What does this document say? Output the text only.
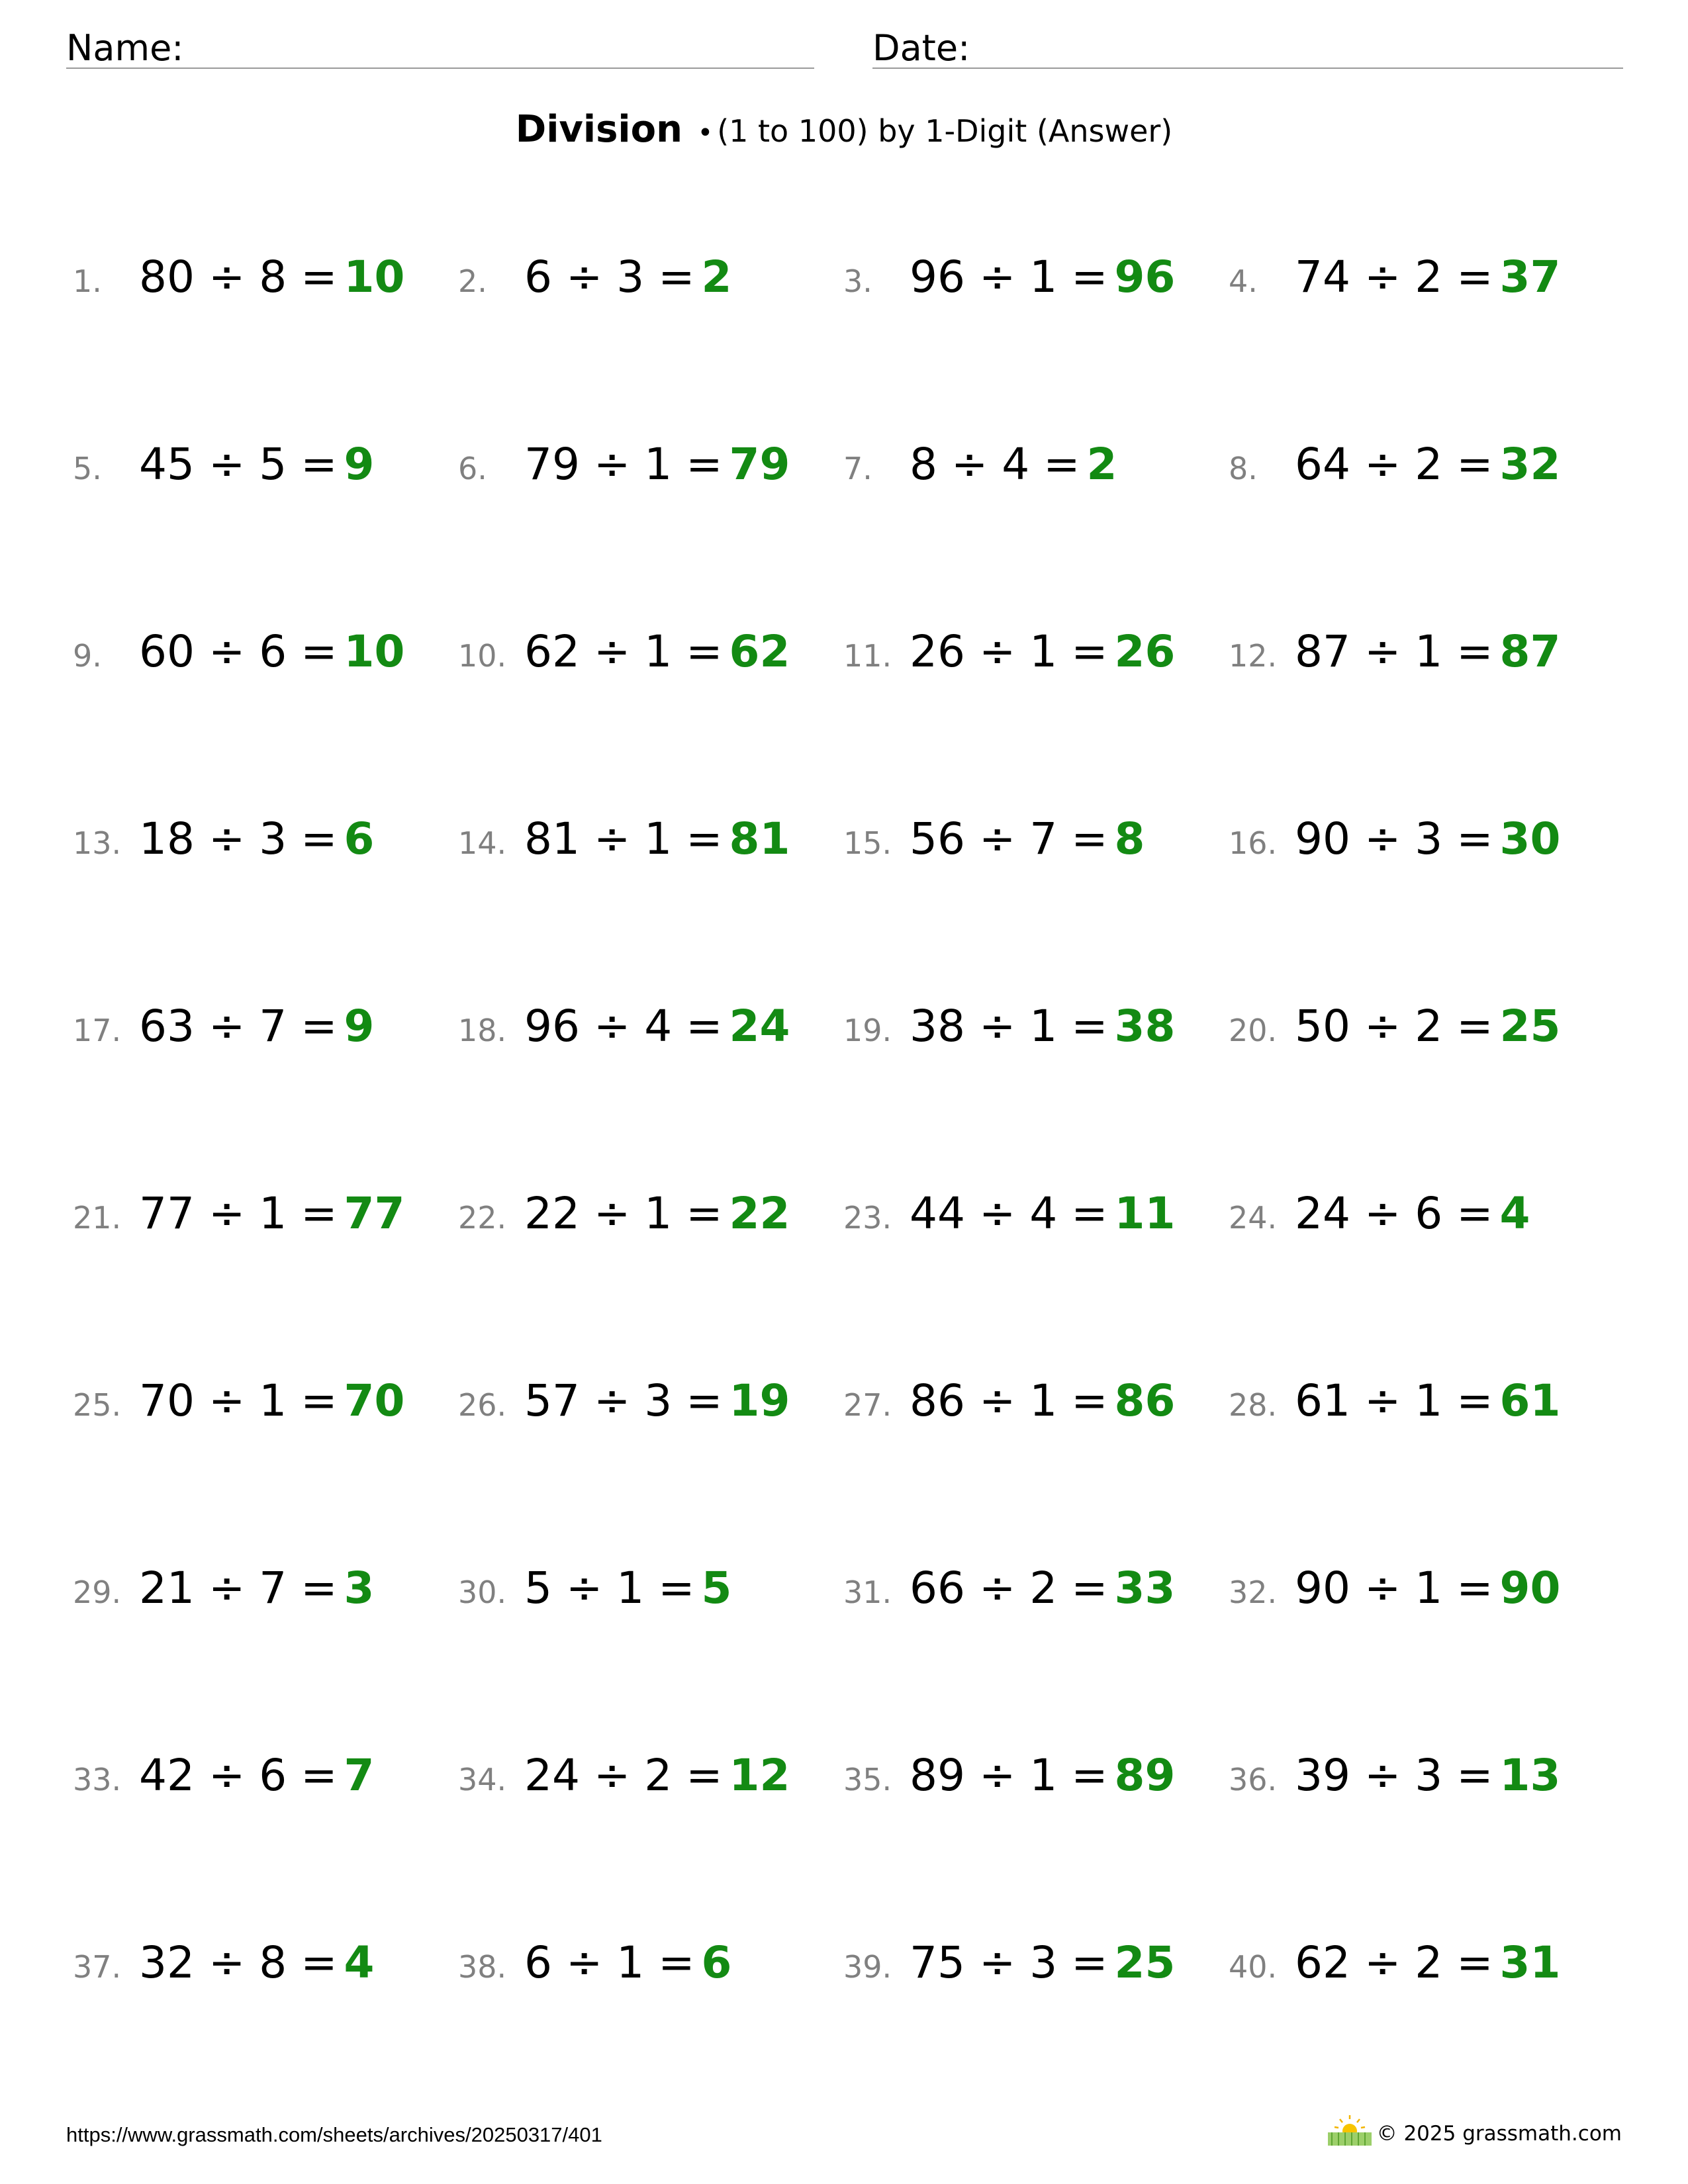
Name:	Date:
Division • (1 to 100) by 1-Digit (Answer)
1. 80 ÷ 8 = 10 2. 6 ÷ 3 = 2	3. 96 ÷ 1 = 96 4. 74 ÷ 2 = 37
5. 45 ÷ 5 = 9	6. 79 ÷ 1 = 79 7. 8 ÷ 4 = 2	8. 64 ÷ 2 = 32
9. 60 ÷ 6 = 10 10. 62 ÷ 1 = 62 11. 26 ÷ 1 = 26 12. 87 ÷ 1 = 87
13. 18 ÷ 3 = 6	14. 81 ÷ 1 = 81 15. 56 ÷ 7 = 8	16. 90 ÷ 3 = 30
17. 63 ÷ 7 = 9	18. 96 ÷ 4 = 24 19. 38 ÷ 1 = 38 20. 50 ÷ 2 = 25
21. 77 ÷ 1 = 77 22. 22 ÷ 1 = 22 23. 44 ÷ 4 = 11 24. 24 ÷ 6 = 4
25. 70 ÷ 1 = 70 26. 57 ÷ 3 = 19 27. 86 ÷ 1 = 86 28. 61 ÷ 1 = 61
29. 21 ÷ 7 = 3	30. 5 ÷ 1 = 5	31. 66 ÷ 2 = 33 32. 90 ÷ 1 = 90
33. 42 ÷ 6 = 7	34. 24 ÷ 2 = 12 35. 89 ÷ 1 = 89 36. 39 ÷ 3 = 13
37. 32 ÷ 8 = 4	38. 6 ÷ 1 = 6	39. 75 ÷ 3 = 25 40. 62 ÷ 2 = 31
https://www.grassmath.com/sheets/archives/20250317/401	© 2025 grassmath.com
